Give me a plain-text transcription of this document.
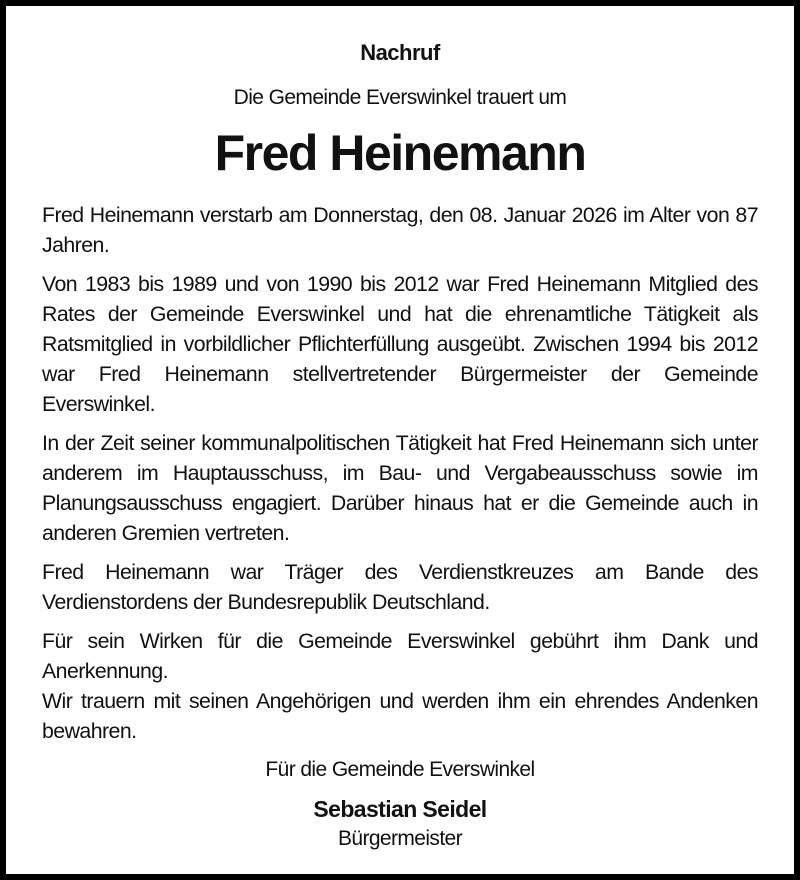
Nachruf
Die Gemeinde Everswinkel trauert um
Fred Heinemann

Fred Heinemann verstarb am Donnerstag, den 08. Januar 2026 im Alter von 87 Jahren.

Von 1983 bis 1989 und von 1990 bis 2012 war Fred Heinemann Mitglied des Rates der Gemeinde Everswinkel und hat die ehrenamtliche Tätigkeit als Ratsmitglied in vorbildlicher Pflichterfüllung ausgeübt. Zwischen 1994 bis 2012 war Fred Heinemann stellvertretender Bürgermeister der Gemeinde Everswinkel.

In der Zeit seiner kommunalpolitischen Tätigkeit hat Fred Heinemann sich unter anderem im Hauptausschuss, im Bau- und Vergabeausschuss sowie im Planungsausschuss engagiert. Darüber hinaus hat er die Gemeinde auch in anderen Gremien vertreten.

Fred Heinemann war Träger des Verdienstkreuzes am Bande des Verdienstordens der Bundesrepublik Deutschland.

Für sein Wirken für die Gemeinde Everswinkel gebührt ihm Dank und Anerkennung.

Wir trauern mit seinen Angehörigen und werden ihm ein ehrendes Andenken bewahren.

Für die Gemeinde Everswinkel
Sebastian Seidel
Bürgermeister
